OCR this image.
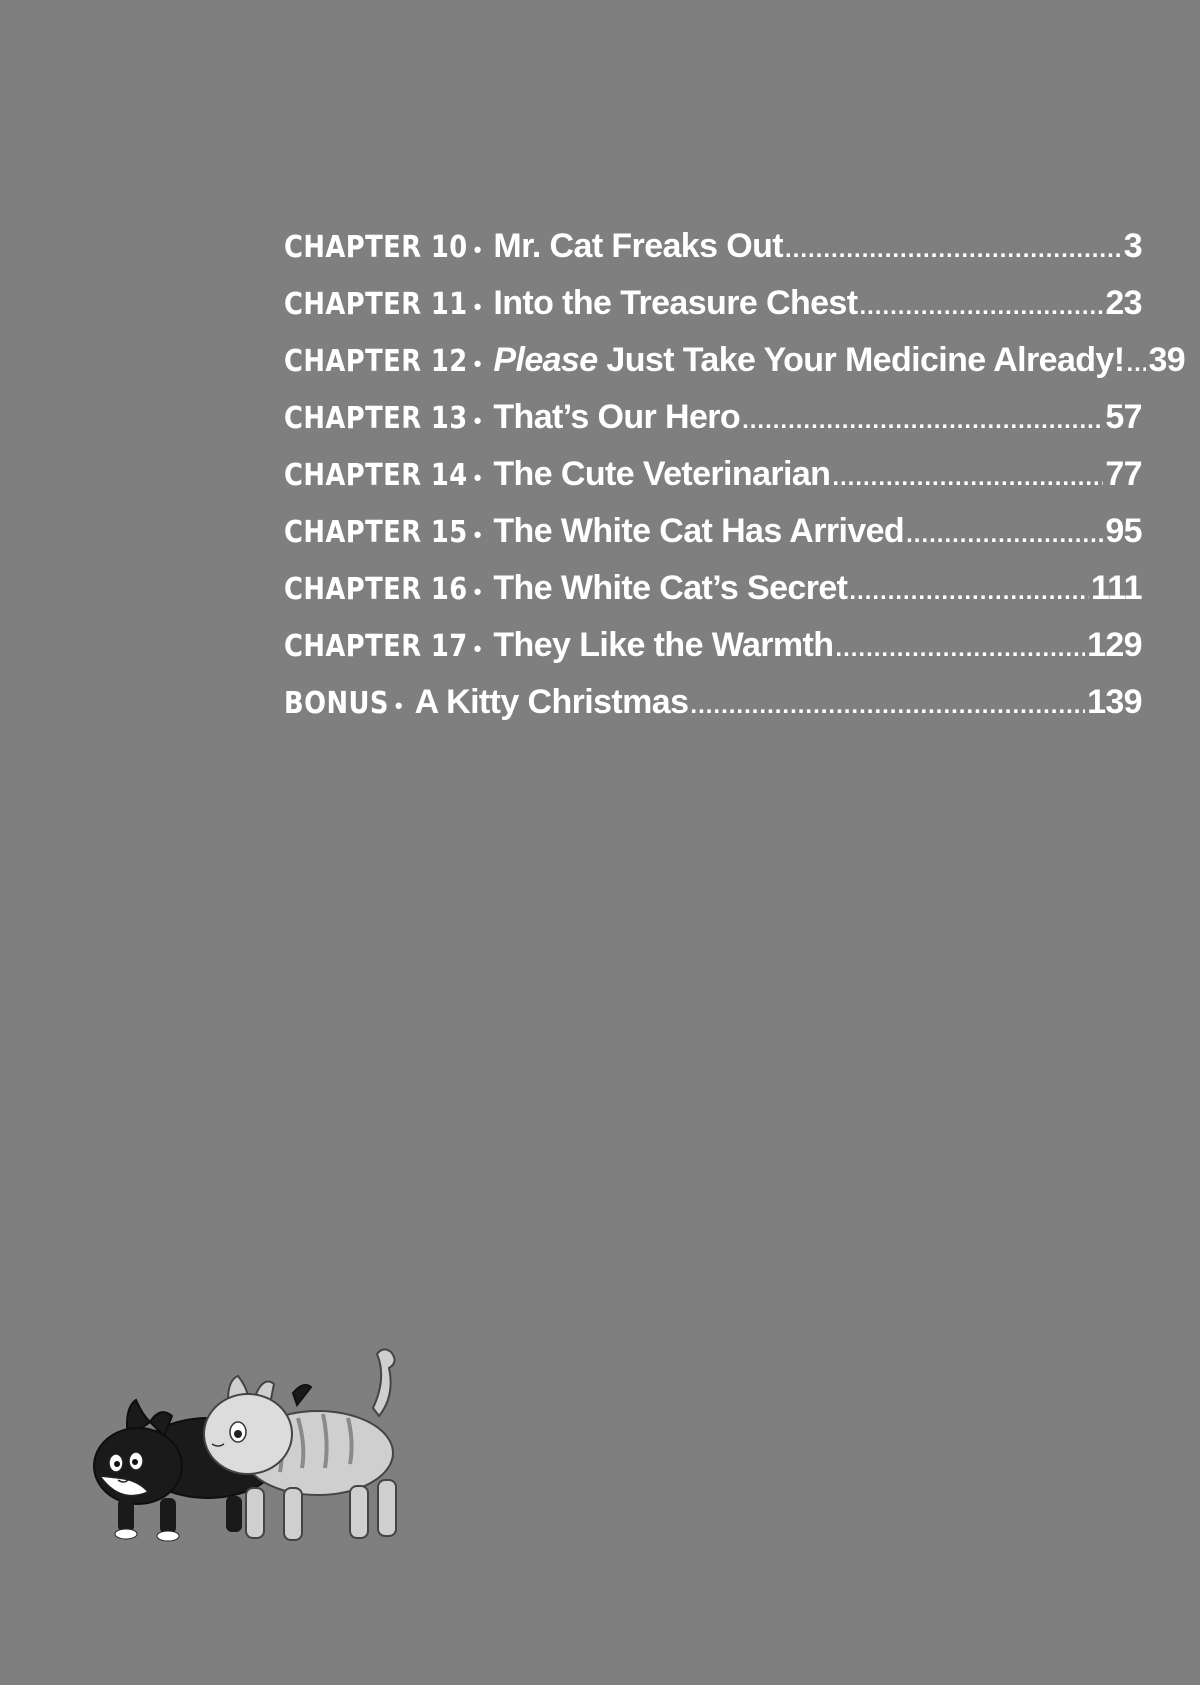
CHAPTER 10 • Mr. Cat Freaks Out .....	3
CHAPTER 11 • Into the Treasure Chest .....	23
CHAPTER 12 • Please Just Take Your Medicine Already! ..... 39
CHAPTER 13 • That’s Our Hero .....	57
CHAPTER 14 • The Cute Veterinarian .....	77
CHAPTER 15 • The White Cat Has Arrived .....	95
CHAPTER 16 • The White Cat’s Secret .....	111
CHAPTER 17 • They Like the Warmth .....	129
BONUS • A Kitty Christmas .....	139
